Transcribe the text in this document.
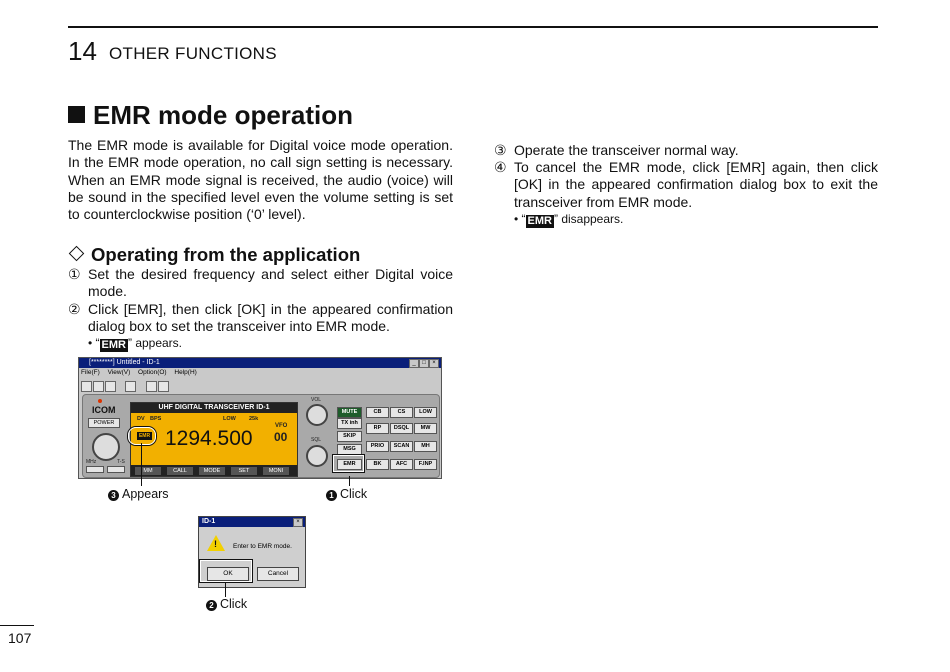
14 OTHER FUNCTIONS
EMR mode operation
The EMR mode is available for Digital voice mode operation. In the EMR mode operation, no call sign setting is necessary. When an EMR mode signal is received, the audio (voice) will be sound in the specified level even the volume setting is set to counterclockwise position (‘0’ level).
Operating from the application
① Set the desired frequency and select either Digital voice mode.
② Click [EMR], then click [OK] in the appeared confirmation dialog box to set the transceiver into EMR mode.
• “ EMR ” appears.
③ Operate the transceiver normal way.
④ To cancel the EMR mode, click [EMR] again, then click [OK] in the appeared confirmation dialog box to exit the transceiver from EMR mode.
• “ EMR ” disappears.
[********] Untitled - ID-1	_	□	×
File(F) View(V) Option(O) Help(H)

ICOM
POWER
MHz	T-S
UHF DIGITAL TRANSCEIVER ID-1
DV BPS	LOW 25k
EMR 1294.500
VFO
00
MM	CALL	MODE	SET	MONI
VOL
SQL
MUTE
TX inh
SKIP
MSG
EMR
CB	CS	LOW
RP	DSQL	MW
PRIO	SCAN	MH
BK	AFC	F.INP
3 Appears	1 Click
ID-1	×
! Enter to EMR mode.
OK	Cancel
2 Click
107
